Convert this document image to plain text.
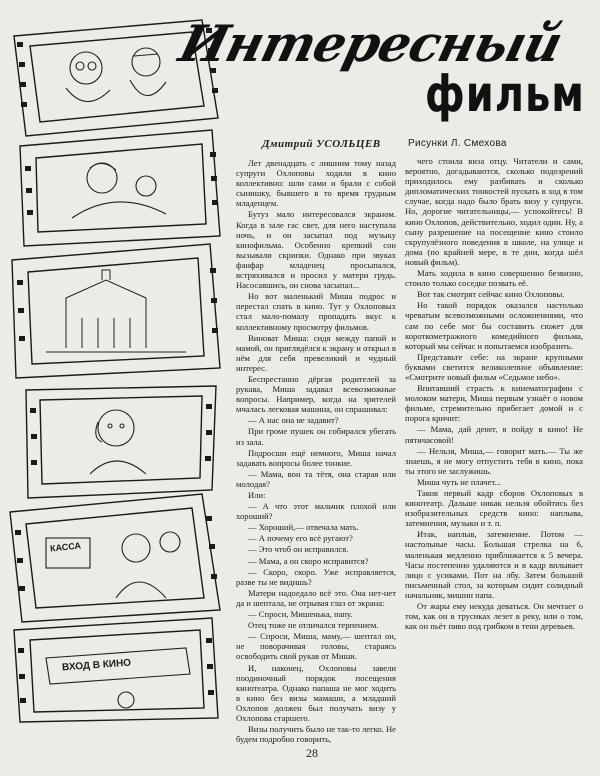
КАССА
ВХОД В КИНО
Интересный
фильм
Дмитрий УСОЛЬЦЕВ	Рисунки Л. Смехова

Лет двенадцать с лишним тому назад супруги Охлоповы ходили в кино коллективно: шли сами и брали с собой сынишку, бывшего в то время грудным младенцем.

Бутуз мало интересовался экраном. Когда в зале гас свет, для него наступала ночь, и он засыпал под музыку кинофильма. Особенно крепкий сон вызывали скрипки. Однако при звуках фанфар младенец просыпался, встряхивался и просил у матери грудь. Насосавшись, он снова засыпал...

Но вот маленький Миша подрос и перестал спать в кино. Тут у Охлоповых стал мало-помалу пропадать вкус к коллективному просмотру фильмов.

Виноват Миша: сидя между папой и мамой, он приглядёлся к экрану и открыл в нём для себя превеликий и чудный интерес.

Беспрестанно дёргая родителей за рукава, Миша задавал всевозможные вопросы. Например, когда на зрителей мчалась легковая машина, он спрашивал:

— А нас она не задавит?

При громе пушек он собирался убегать из зала.

Подросши ещё немного, Миша начал задавать вопросы более тонкие.

— Мама, вон та тётя, она старая или молодая?

Или:

— А что этот мальчик плохой или хороший?

— Хороший,— отвечала мать.

— А почему его всё ругают?

— Это чтоб он исправился.

— Мама, а он скоро исправится?

— Скоро, скоро. Уже исправляется, разве ты не видишь?

Матери надоедало всё это. Она нет-нет да и шептала, не отрывая глаз от экрана:

— Спроси, Мишенька, папу.

Отец тоже не отличался терпением.

— Спроси, Миша, маму,— шептал он, не поворачивая головы, стараясь освободить свой рукав от Миши.

И, наконец, Охлоповы завели поодиночный порядок посещения кинотеатра. Однако папаша не мог ходить в кино без визы мамаши, а младший Охлопов должен был получать визу у Охлопова старшего.

Визы получить было не так-то легко. Не будем подробно говорить,

чего стоила виза отцу. Читатели и сами, вероятно, догадываются, сколько подозрений приходилось ему разбивать и сколько дипломатических тонкостей пускать в ход в том случае, когда надо было брать визу у супруги. Но, дорогие читательницы,— успокойтесь! В кино Охлопов, действительно, ходил один. Ну, а сыну разрешение на посещение кино стоило скрупулёзного поведения в школе, на улице и дома (по крайней мере, в те дни, когда шёл новый фильм).

Мать ходила в кино совершенно безвизно, стоило только соседке позвать её.

Вот так смотрят сейчас кино Охлоповы.

Но такой порядок оказался настолько чреватым всевозможными осложнениями, что сам по себе мог бы составить сюжет для короткометражного комедийного фильма, который мы сейчас и попытаемся изобразить.

Представьте себе: на экране крупными буквами светится великолепное объявление: «Смотрите новый фильм «Седьмое небо».

Впитавший страсть к кинематографии с молоком матери, Миша первым узнаёт о новом фильме, стремительно прибегает домой и с порога кричит:

— Мама, дай денег, я пойду в кино! Не пятичасовой!

— Нельзя, Миша,— говорит мать.— Ты же знаешь, я не могу отпустить тебя в кино, пока ты этого не заслужишь.

Миша чуть не плачет...

Таков первый кадр сборов Охлоповых в кинотеатр. Дальше никак нельзя обойтись без изобразительных средств кино: наплыва, затемнения, музыки и т. п.

Итак, наплыв, затемнение. Потом — настольные часы. Большая стрелка на 6, маленькая медленно приближается к 5 вечера. Часы постепенно удаляются и в кадр вплывает лицо с усиками. Пот на лбу. Затем большой письменный стол, за которым сидит солидный начальник, мишин папа.

От жары ему некуда деваться. Он мечтает о том, как он в трусиках лезет в реку, или о том, как он пьёт пиво под грибком в тени деревьев.

28
